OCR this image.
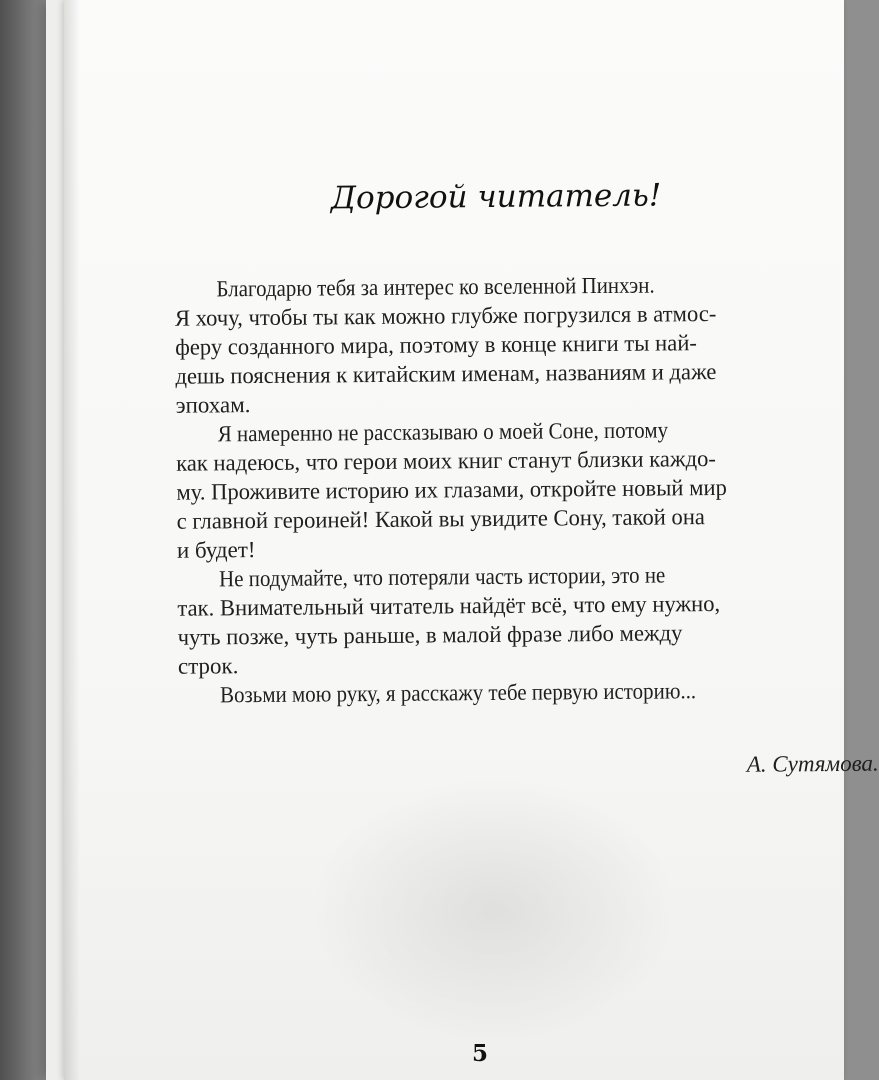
Дорогой читатель!
Благодарю тебя за интерес ко вселенной Пинхэн.
Я хочу, чтобы ты как можно глубже погрузился в атмос-
феру созданного мира, поэтому в конце книги ты най-
дешь пояснения к китайским именам, названиям и даже
эпохам.
Я намеренно не рассказываю о моей Соне, потому
как надеюсь, что герои моих книг станут близки каждо-
му. Проживите историю их глазами, откройте новый мир
с главной героиней! Какой вы увидите Сону, такой она
и будет!
Не подумайте, что потеряли часть истории, это не
так. Внимательный читатель найдёт всё, что ему нужно,
чуть позже, чуть раньше, в малой фразе либо между
строк.
Возьми мою руку, я расскажу тебе первую историю...
А. Сутямова.
5
